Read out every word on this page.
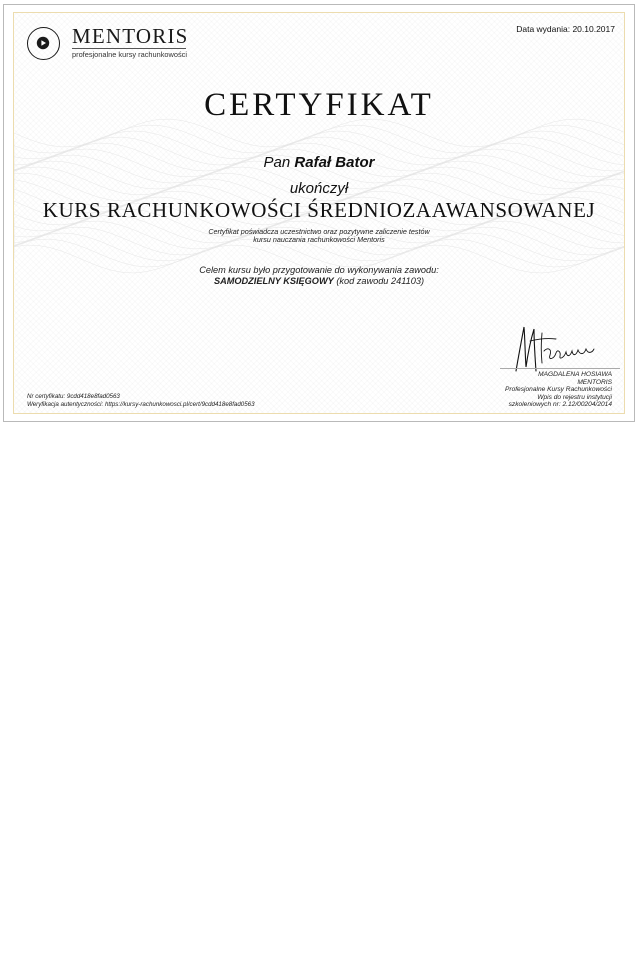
MENTORIS
profesjonalne kursy rachunkowości
Data wydania: 20.10.2017
CERTYFIKAT
Pan Rafał Bator
ukończył
KURS RACHUNKOWOŚCI ŚREDNIOZAAWANSOWANEJ
Certyfikat poświadcza uczestnictwo oraz pozytywne zaliczenie testów
kursu nauczania rachunkowości Mentoris
Celem kursu było przygotowanie do wykonywania zawodu:
SAMODZIELNY KSIĘGOWY (kod zawodu 241103)
MAGDALENA HOSIAWA
MENTORIS
Profesjonalne Kursy Rachunkowości
Wpis do rejestru instytucji
szkoleniowych nr: 2.12/00204/2014
Nr certyfikatu: 9cdd418e8fad0563
Weryfikacja autentyczności: https://kursy-rachunkowosci.pl/cert/9cdd418e8fad0563
